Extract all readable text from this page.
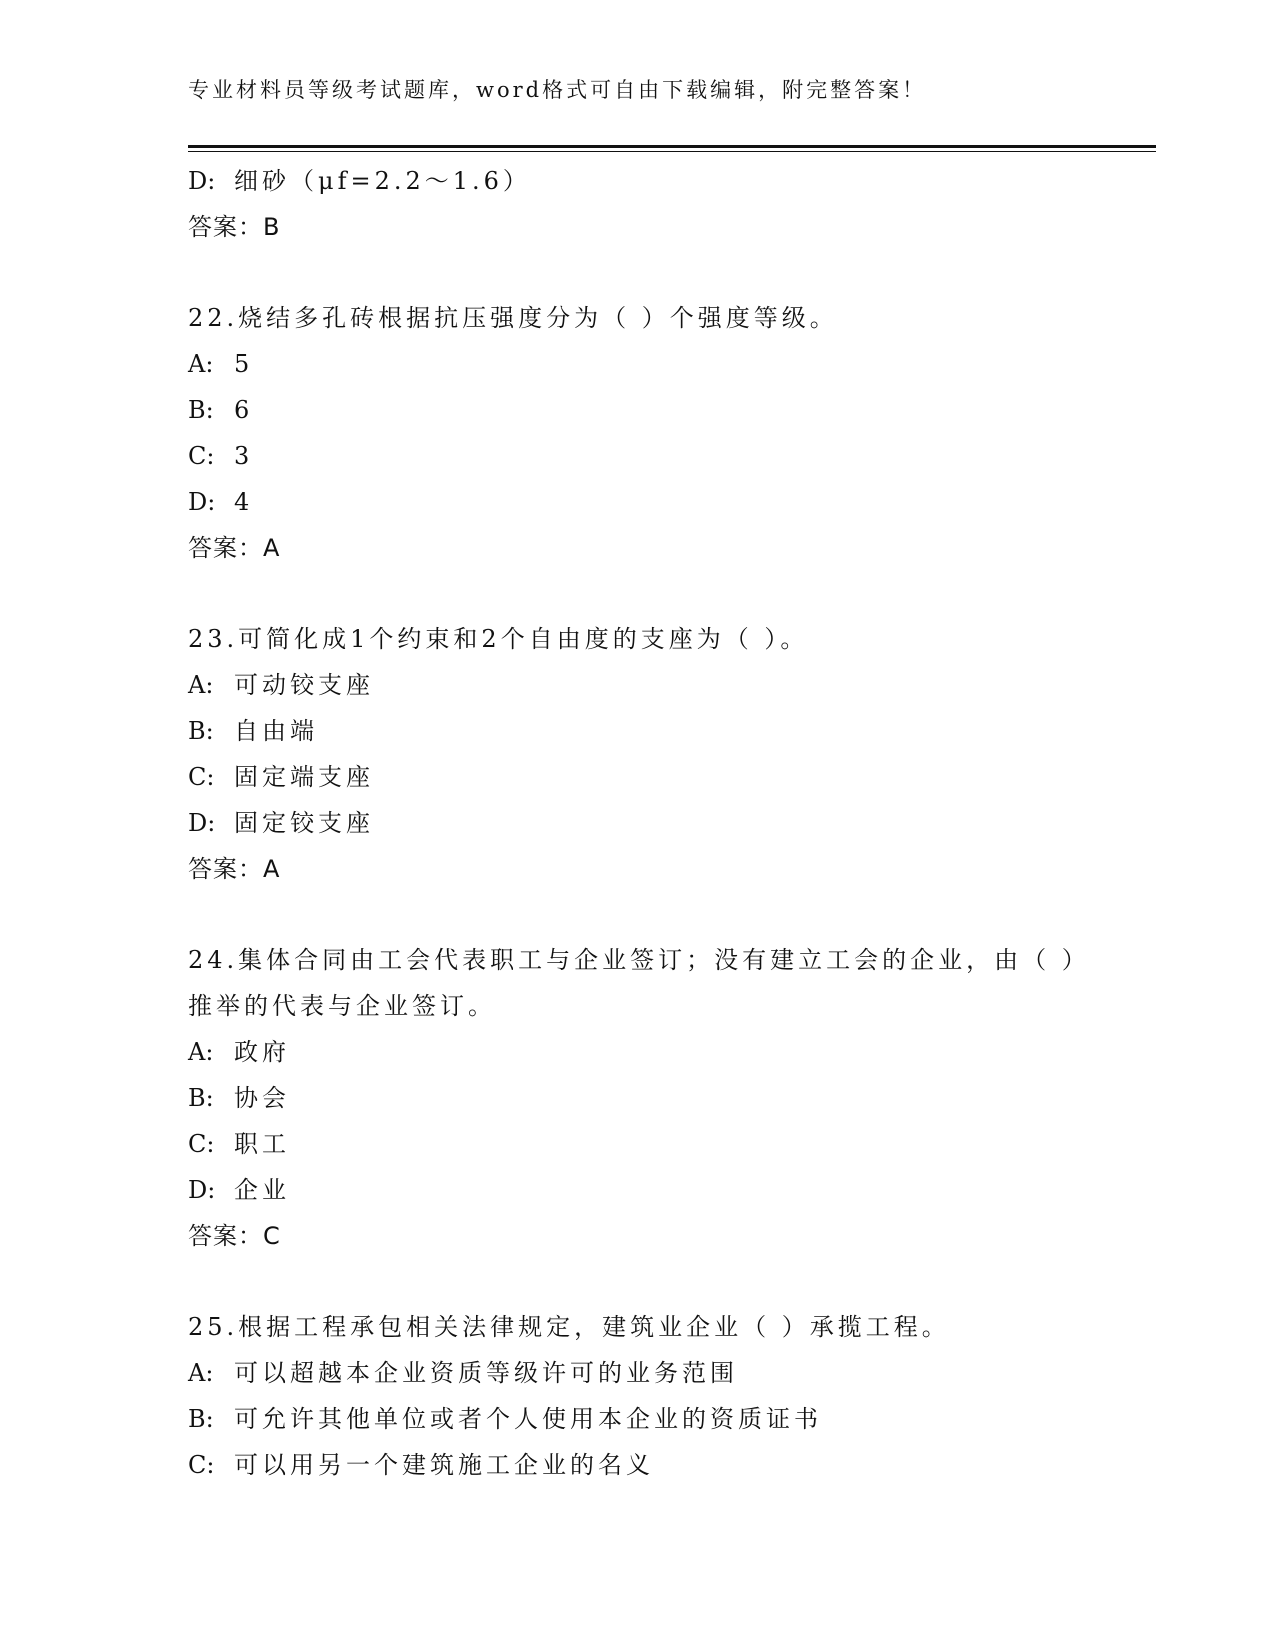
专业材料员等级考试题库，word格式可自由下载编辑，附完整答案！
D: 细砂（μf=2.2～1.6）
答案：B
22.烧结多孔砖根据抗压强度分为（ ）个强度等级。
A: 5
B: 6
C: 3
D: 4
答案：A
23.可简化成1个约束和2个自由度的支座为（ ）。
A: 可动铰支座
B: 自由端
C: 固定端支座
D: 固定铰支座
答案：A
24.集体合同由工会代表职工与企业签订；没有建立工会的企业，由（ ）推举的代表与企业签订。
A: 政府
B: 协会
C: 职工
D: 企业
答案：C
25.根据工程承包相关法律规定，建筑业企业（ ）承揽工程。
A: 可以超越本企业资质等级许可的业务范围
B: 可允许其他单位或者个人使用本企业的资质证书
C: 可以用另一个建筑施工企业的名义
